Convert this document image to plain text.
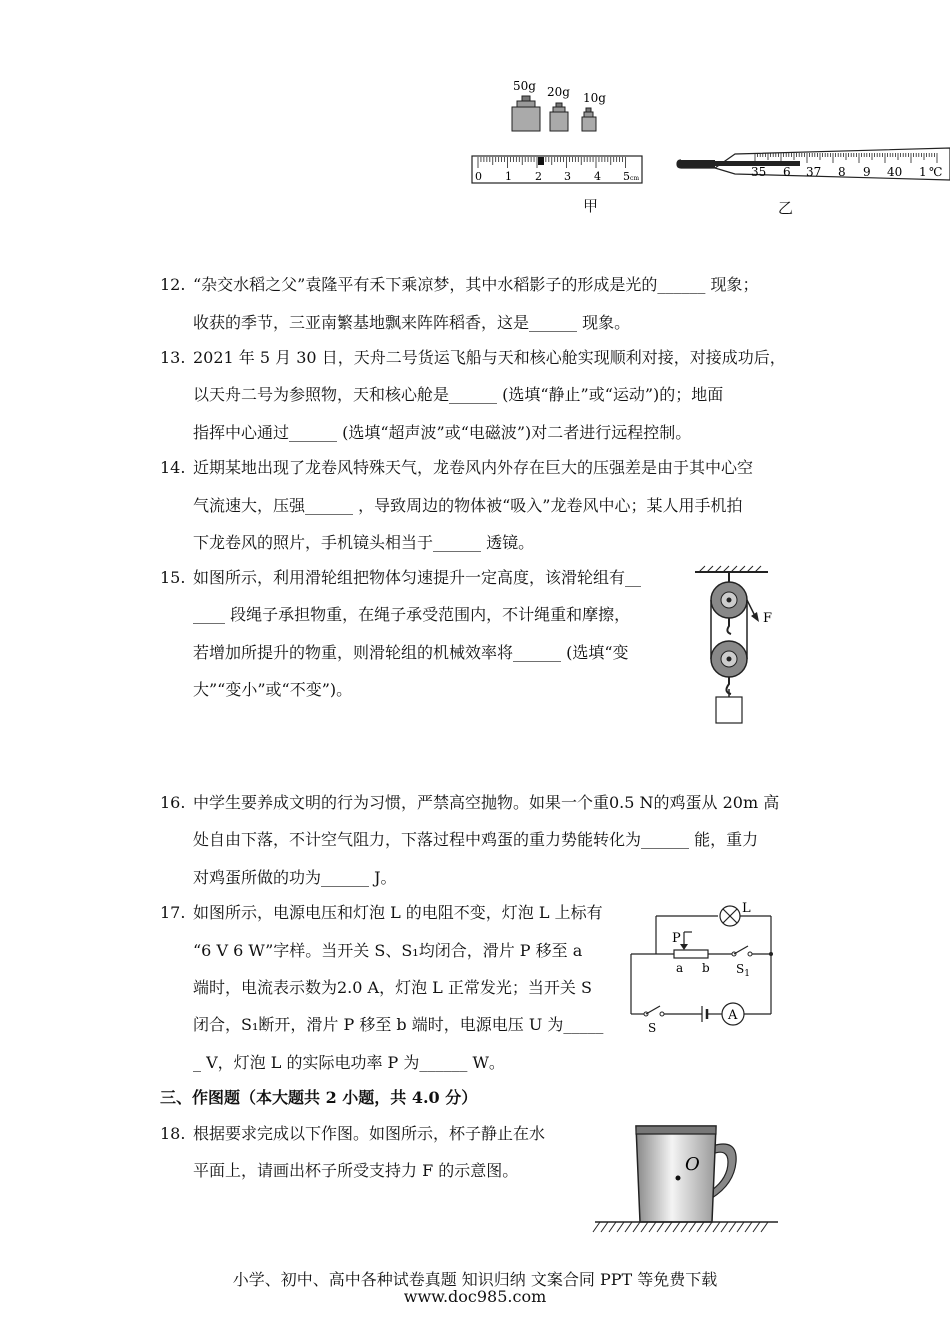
50g 20g 10g
0 1 2 3 4 5 cm	35 6 37 8 9 40 1 ℃
甲	乙
12. “杂交水稻之父”袁隆平有禾下乘凉梦，其中水稻影子的形成是光的______ 现象；
收获的季节，三亚南繁基地飘来阵阵稻香，这是______ 现象。
13. 2021 年 5 月 30 日，天舟二号货运飞船与天和核心舱实现顺利对接，对接成功后，
以天舟二号为参照物，天和核心舱是______ (选填“静止”或“运动”)的；地面
指挥中心通过______ (选填“超声波”或“电磁波”)对二者进行远程控制。
14. 近期某地出现了龙卷风特殊天气，龙卷风内外存在巨大的压强差是由于其中心空
气流速大，压强______ ，导致周边的物体被“吸入”龙卷风中心；某人用手机拍
下龙卷风的照片，手机镜头相当于______ 透镜。
15. 如图所示，利用滑轮组把物体匀速提升一定高度，该滑轮组有__
____ 段绳子承担物重，在绳子承受范围内，不计绳重和摩擦，
若增加所提升的物重，则滑轮组的机械效率将______ (选填“变
大”“变小”或“不变”)。
F
16. 中学生要养成文明的行为习惯，严禁高空抛物。如果一个重0.5 N的鸡蛋从 20m 高
处自由下落，不计空气阻力，下落过程中鸡蛋的重力势能转化为______ 能，重力
对鸡蛋所做的功为______ J。
17. 如图所示，电源电压和灯泡 L 的电阻不变，灯泡 L 上标有
“6 V 6 W”字样。当开关 S、S₁均闭合，滑片 P 移至 a
端时，电流表示数为2.0 A，灯泡 L 正常发光；当开关 S
闭合，S₁断开，滑片 P 移至 b 端时，电源电压 U 为_____
_ V，灯泡 L 的实际电功率 P 为______ W。
L
P
a b $S_1$
S
A
三、作图题（本大题共 2 小题，共 4.0 分）
18. 根据要求完成以下作图。如图所示，杯子静止在水
平面上，请画出杯子所受支持力 F 的示意图。	O
小学、初中、高中各种试卷真题 知识归纳 文案合同 PPT 等免费下载
www.doc985.com
